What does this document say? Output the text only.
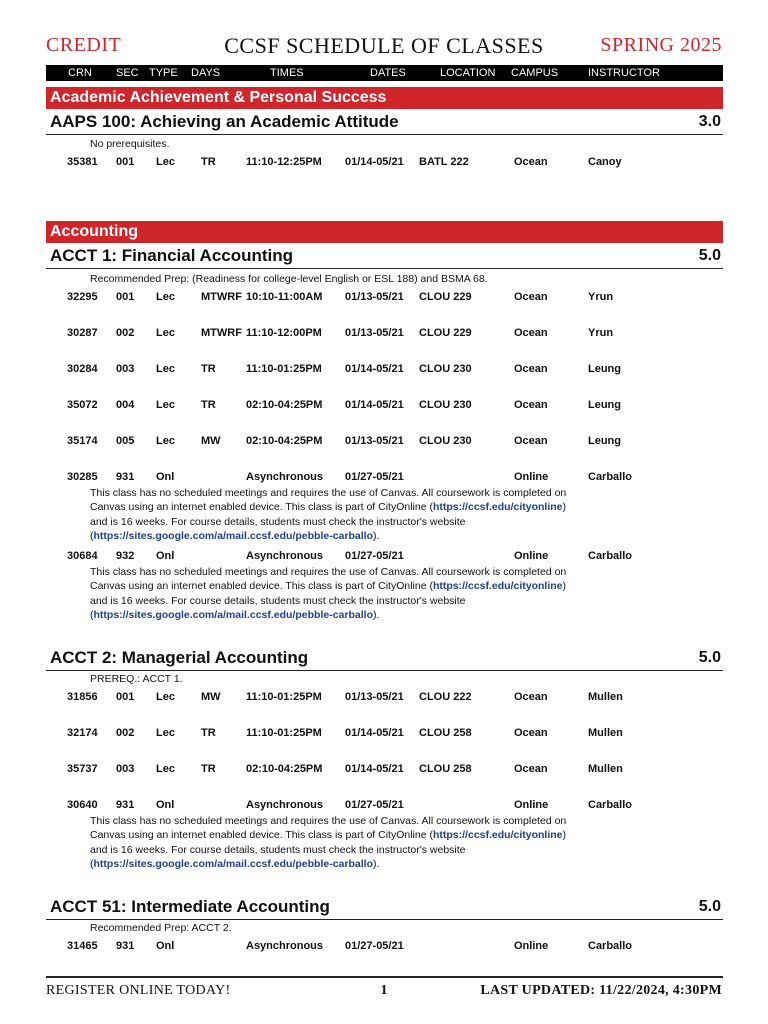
CREDIT	CCSF SCHEDULE OF CLASSES	SPRING 2025
CRN SEC TYPE DAYS	TIMES	DATES	LOCATION CAMPUS	INSTRUCTOR
Academic Achievement & Personal Success
AAPS 100: Achieving an Academic Attitude	3.0
No prerequisites.
35381 001 Lec TR	11:10-12:25PM 01/14-05/21 BATL 222	Ocean	Canoy
Accounting
ACCT 1: Financial Accounting	5.0
Recommended Prep: (Readiness for college-level English or ESL 188) and BSMA 68.
32295 001 Lec MTWRF 10:10-11:00AM 01/13-05/21 CLOU 229	Ocean	Yrun
30287 002 Lec MTWRF 11:10-12:00PM 01/13-05/21 CLOU 229	Ocean	Yrun
30284 003 Lec TR	11:10-01:25PM 01/14-05/21 CLOU 230	Ocean	Leung
35072 004 Lec TR	02:10-04:25PM 01/14-05/21 CLOU 230	Ocean	Leung
35174 005 Lec MW 02:10-04:25PM 01/13-05/21 CLOU 230	Ocean	Leung
30285 931 Onl	Asynchronous 01/27-05/21	Online	Carballo
This class has no scheduled meetings and requires the use of Canvas. All coursework is completed on Canvas using an internet enabled device. This class is part of CityOnline (https://ccsf.edu/cityonline) and is 16 weeks. For course details, students must check the instructor's website (https://sites.google.com/a/mail.ccsf.edu/pebble-carballo).
30684 932 Onl	Asynchronous 01/27-05/21	Online	Carballo
This class has no scheduled meetings and requires the use of Canvas. All coursework is completed on Canvas using an internet enabled device. This class is part of CityOnline (https://ccsf.edu/cityonline) and is 16 weeks. For course details, students must check the instructor's website (https://sites.google.com/a/mail.ccsf.edu/pebble-carballo).
ACCT 2: Managerial Accounting	5.0
PREREQ.: ACCT 1.
31856 001 Lec MW 11:10-01:25PM 01/13-05/21 CLOU 222	Ocean	Mullen
32174 002 Lec TR	11:10-01:25PM 01/14-05/21 CLOU 258	Ocean	Mullen
35737 003 Lec TR	02:10-04:25PM 01/14-05/21 CLOU 258	Ocean	Mullen
30640 931 Onl	Asynchronous 01/27-05/21	Online	Carballo
This class has no scheduled meetings and requires the use of Canvas. All coursework is completed on Canvas using an internet enabled device. This class is part of CityOnline (https://ccsf.edu/cityonline) and is 16 weeks. For course details, students must check the instructor's website (https://sites.google.com/a/mail.ccsf.edu/pebble-carballo).
ACCT 51: Intermediate Accounting	5.0
Recommended Prep: ACCT 2.
31465 931 Onl	Asynchronous 01/27-05/21	Online	Carballo
REGISTER ONLINE TODAY!	1	LAST UPDATED: 11/22/2024, 4:30PM
